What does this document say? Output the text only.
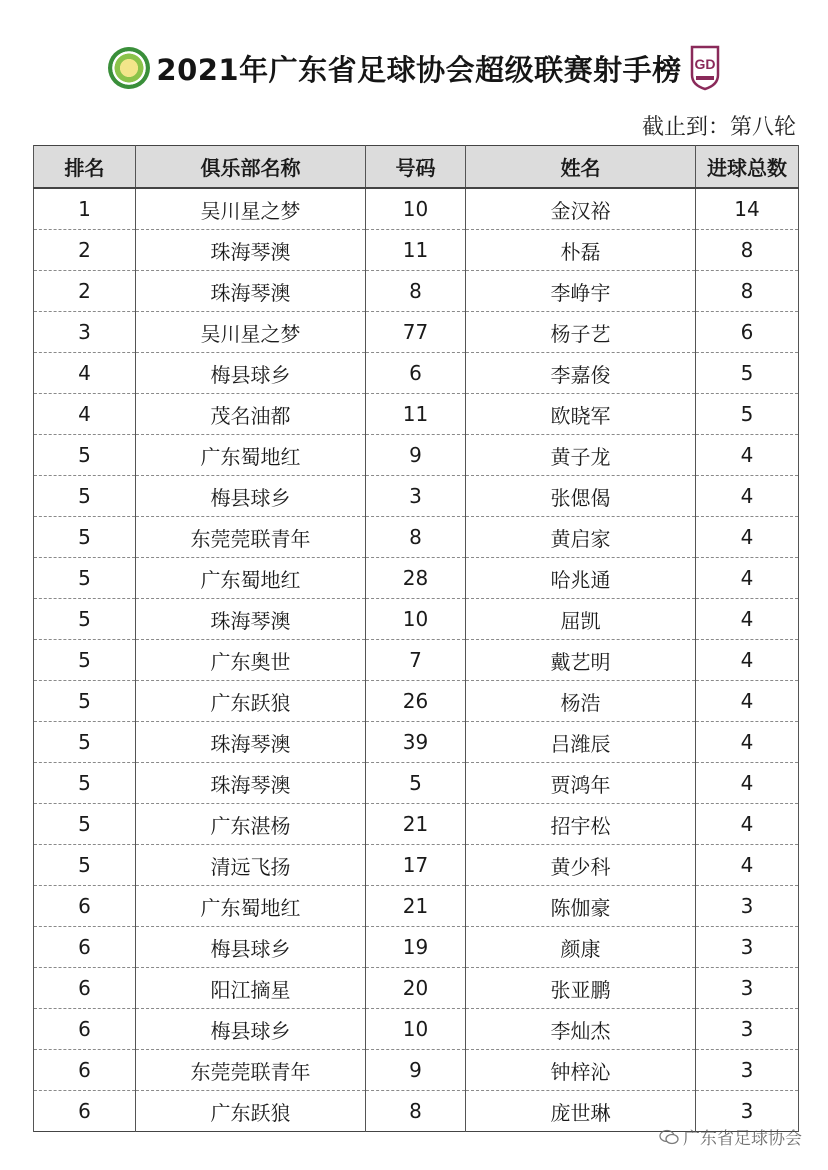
2021年广东省足球协会超级联赛射手榜 GD
截止到：第八轮
排名	俱乐部名称	号码	姓名	进球总数
1	吴川星之梦	10	金汉裕	14
2	珠海琴澳	11	朴磊	8
2	珠海琴澳	8	李峥宇	8
3	吴川星之梦	77	杨子艺	6
4	梅县球乡	6	李嘉俊	5
4	茂名油都	11	欧晓军	5
5	广东蜀地红	9	黄子龙	4
5	梅县球乡	3	张偲偈	4
5	东莞莞联青年	8	黄启家	4
5	广东蜀地红	28	哈兆通	4
5	珠海琴澳	10	屈凯	4
5	广东奥世	7	戴艺明	4
5	广东跃狼	26	杨浩	4
5	珠海琴澳	39	吕潍辰	4
5	珠海琴澳	5	贾鸿年	4
5	广东湛杨	21	招宇松	4
5	清远飞扬	17	黄少科	4
6	广东蜀地红	21	陈伽豪	3
6	梅县球乡	19	颜康	3
6	阳江摘星	20	张亚鹏	3
6	梅县球乡	10	李灿杰	3
6	东莞莞联青年	9	钟梓沁	3
6	广东跃狼	8	庞世琳	3
广东省足球协会
